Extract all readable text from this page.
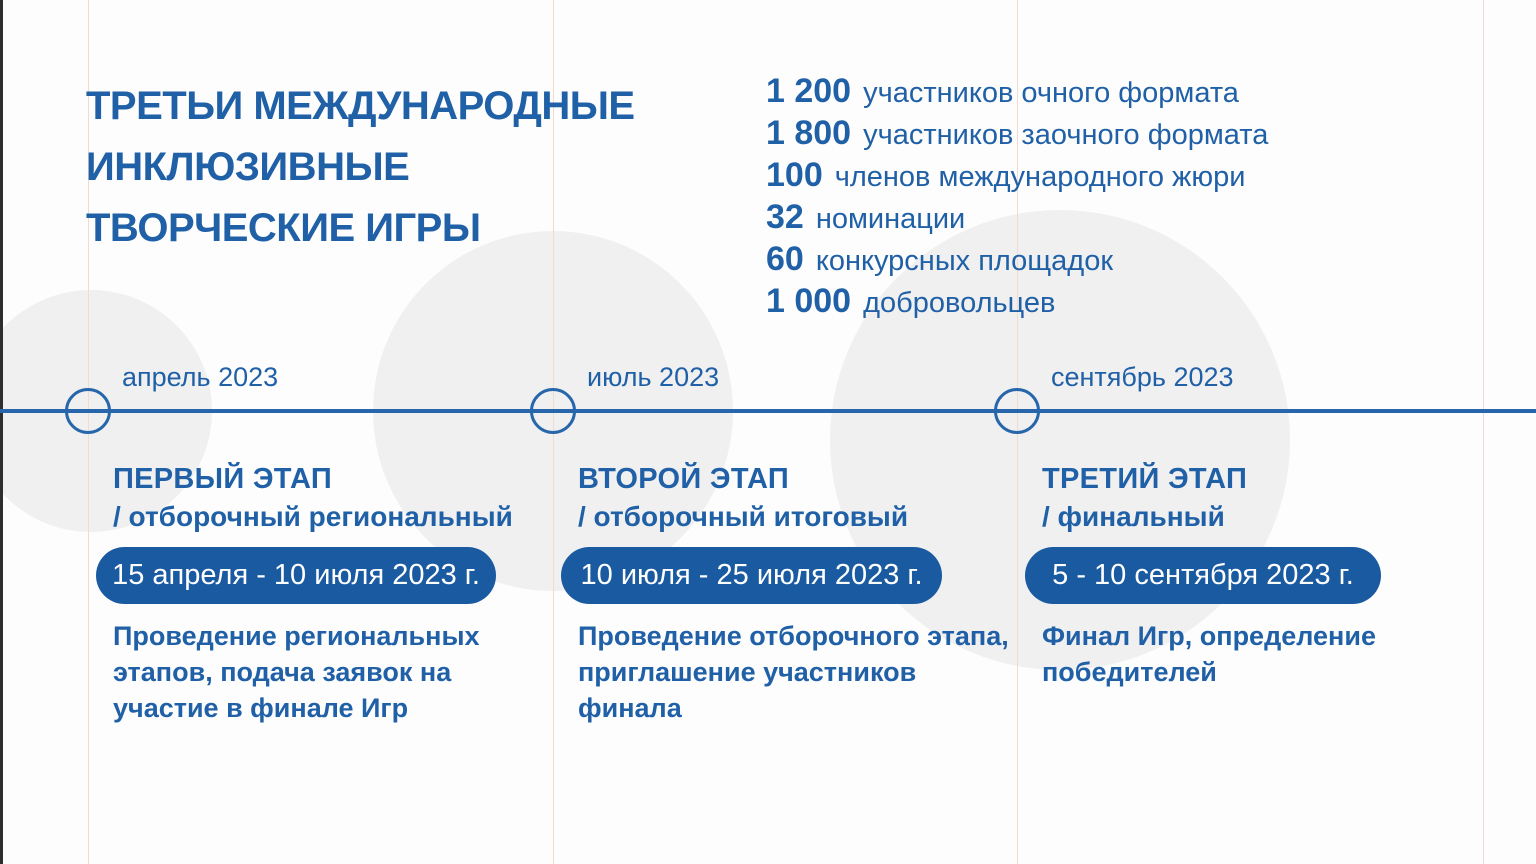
ТРЕТЬИ МЕЖДУНАРОДНЫЕ
ИНКЛЮЗИВНЫЕ
ТВОРЧЕСКИЕ ИГРЫ
1 200 участников очного формата
1 800 участников заочного формата
100 членов международного жюри
32 номинации
60 конкурсных площадок
1 000 добровольцев
апрель 2023
ПЕРВЫЙ ЭТАП
/ отборочный региональный
15 апреля - 10 июля 2023 г.
Проведение региональных этапов, подача заявок на участие в финале Игр
июль 2023
ВТОРОЙ ЭТАП
/ отборочный итоговый
10 июля - 25 июля 2023 г.
Проведение отборочного этапа, приглашение участников финала
сентябрь 2023
ТРЕТИЙ ЭТАП
/ финальный
5 - 10 сентября 2023 г.
Финал Игр, определение победителей
